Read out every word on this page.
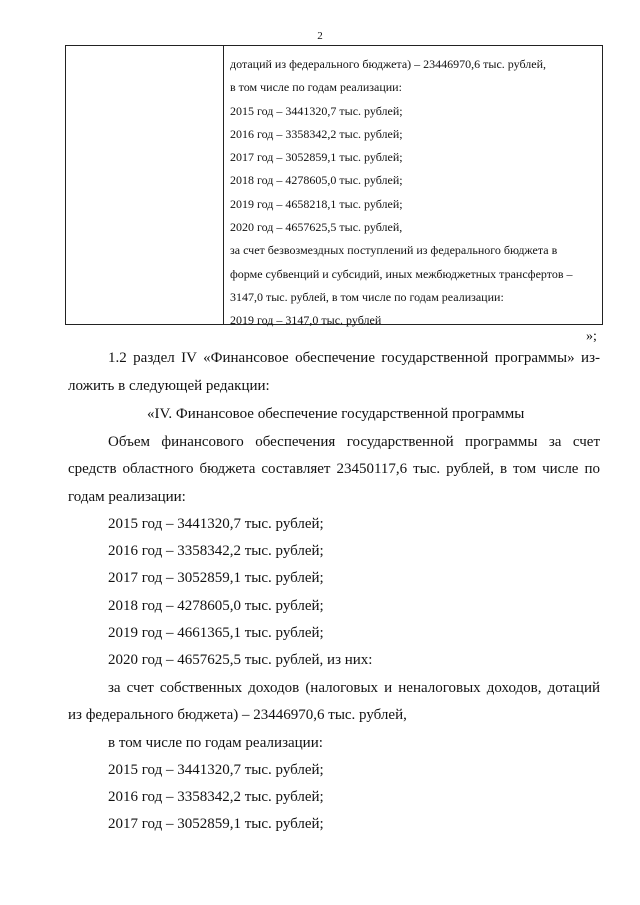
2
дотаций из федерального бюджета) – 23446970,6 тыс. рублей,
в том числе по годам реализации:
2015 год – 3441320,7 тыс. рублей;
2016 год – 3358342,2 тыс. рублей;
2017 год – 3052859,1 тыс. рублей;
2018 год – 4278605,0 тыс. рублей;
2019 год – 4658218,1 тыс. рублей;
2020 год – 4657625,5 тыс. рублей,
за счет безвозмездных поступлений из федерального бюджета в
форме субвенций и субсидий, иных межбюджетных трансфертов –
3147,0 тыс. рублей, в том числе по годам реализации:
2019 год – 3147,0 тыс. рублей
»;
1.2 раздел IV «Финансовое обеспечение государственной программы» из-
ложить в следующей редакции:
«IV. Финансовое обеспечение государственной программы
Объем финансового обеспечения государственной программы за счет
средств областного бюджета составляет 23450117,6 тыс. рублей, в том числе по
годам реализации:
2015 год – 3441320,7 тыс. рублей;
2016 год – 3358342,2 тыс. рублей;
2017 год – 3052859,1 тыс. рублей;
2018 год – 4278605,0 тыс. рублей;
2019 год – 4661365,1 тыс. рублей;
2020 год – 4657625,5 тыс. рублей, из них:
за счет собственных доходов (налоговых и неналоговых доходов, дотаций
из федерального бюджета) – 23446970,6 тыс. рублей,
в том числе по годам реализации:
2015 год – 3441320,7 тыс. рублей;
2016 год – 3358342,2 тыс. рублей;
2017 год – 3052859,1 тыс. рублей;
